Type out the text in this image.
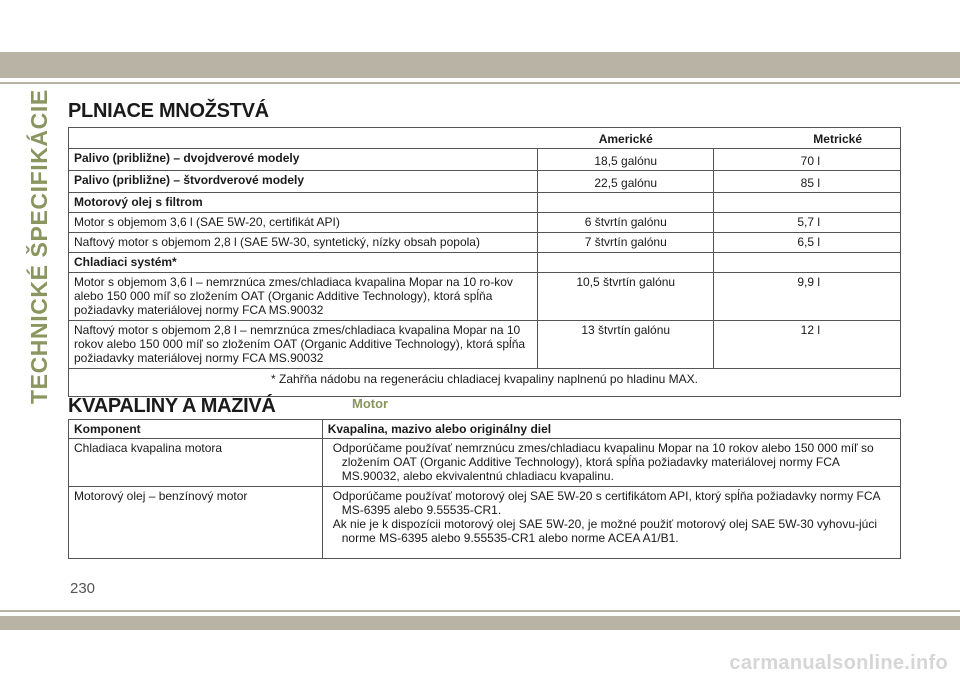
TECHNICKÉ ŠPECIFIKÁCIE PLNIACE MNOŽSTVÁ
	Americké	Metrické
Palivo (približne) – dvojdverové modely	18,5 galónu	70 l
Palivo (približne) – štvordverové modely	22,5 galónu	85 l
Motorový olej s filtrom		
Motor s objemom 3,6 l (SAE 5W-20, certifikát API)	6 štvrtín galónu	5,7 l
Naftový motor s objemom 2,8 l (SAE 5W-30, syntetický, nízky obsah popola)	7 štvrtín galónu	6,5 l
Chladiaci systém*		
Motor s objemom 3,6 l – nemrznúca zmes/chladiaca kvapalina Mopar na 10 ro-kov alebo 150 000 míľ so zložením OAT (Organic Additive Technology), ktorá spĺňa požiadavky materiálovej normy FCA MS.90032	10,5 štvrtín galónu	9,9 l
Naftový motor s objemom 2,8 l – nemrznúca zmes/chladiaca kvapalina Mopar na 10 rokov alebo 150 000 míľ so zložením OAT (Organic Additive Technology), ktorá spĺňa požiadavky materiálovej normy FCA MS.90032	13 štvrtín galónu	12 l
* Zahřňa nádobu na regeneráciu chladiacej kvapaliny naplnenú po hladinu MAX.		
KVAPALINY A MAZIVÁ	Motor
Komponent	Kvapalina, mazivo alebo originálny diel
Chladiaca kvapalina motora	Odporúčame používať nemrznúcu zmes/chladiacu kvapalinu Mopar na 10 rokov alebo 150 000 míľ so zložením OAT (Organic Additive Technology), ktorá spĺňa požiadavky materiálovej normy FCA MS.90032, alebo ekvivalentnú chladiacu kvapalinu.

Motorový olej – benzínový motor	Odporúčame používať motorový olej SAE 5W-20 s certifikátom API, ktorý spĺňa požiadavky normy FCA MS-6395 alebo 9.55535-CR1.
Ak nie je k dispozícii motorový olej SAE 5W-20, je možné použiť motorový olej SAE 5W-30 vyhovu-júci norme MS-6395 alebo 9.55535-CR1 alebo norme ACEA A1/B1.
230
carmanualsonline.info
